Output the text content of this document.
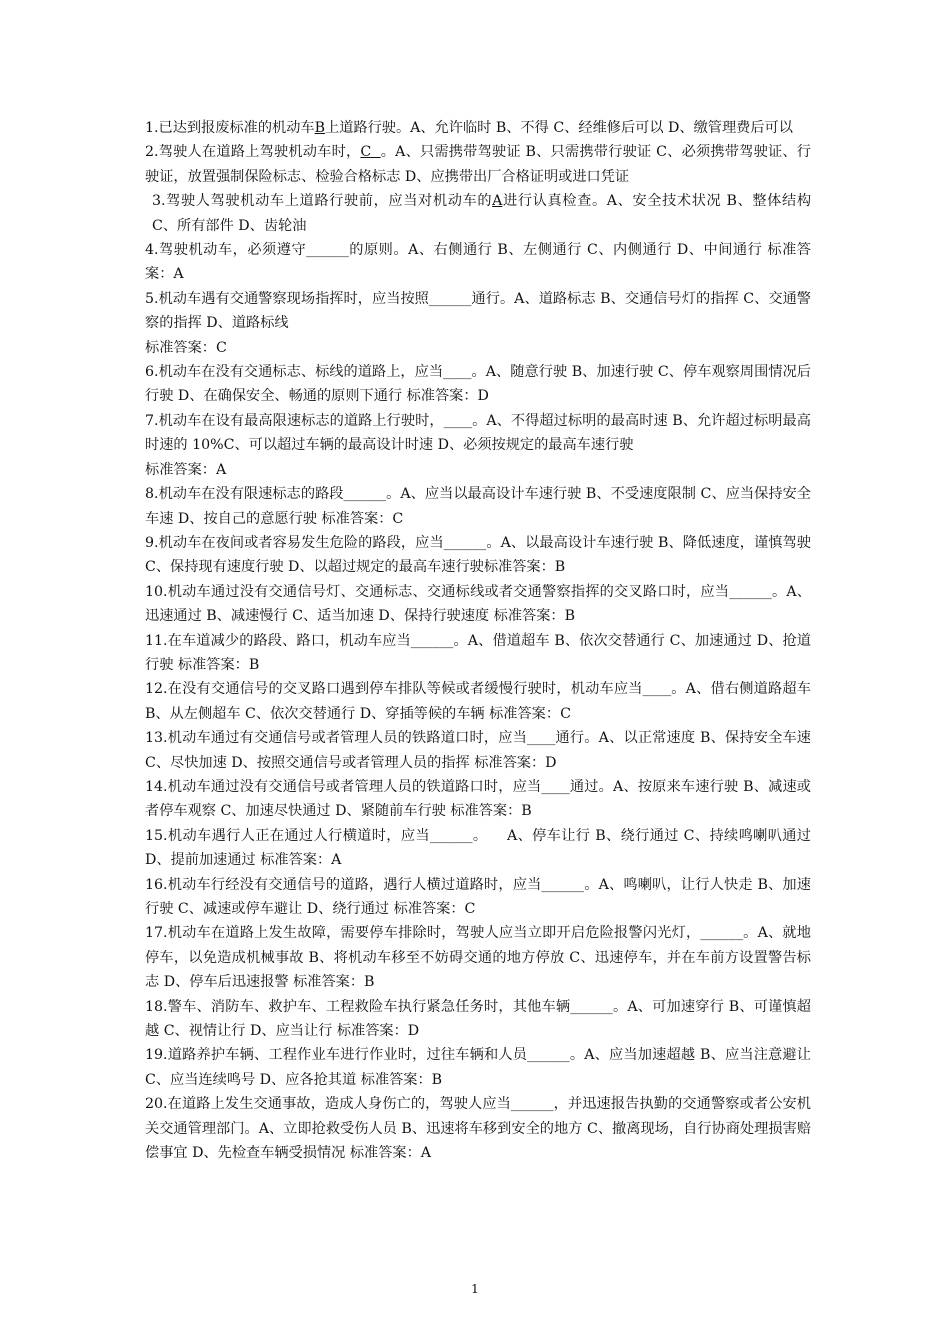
1.已达到报废标准的机动车B上道路行驶。A、允许临时 B、不得 C、经维修后可以 D、缴管理费后可以

2.驾驶人在道路上驾驶机动车时，C  。A、只需携带驾驶证 B、只需携带行驶证 C、必须携带驾驶证、行驶证，放置强制保险标志、检验合格标志 D、应携带出厂合格证明或进口凭证

3.驾驶人驾驶机动车上道路行驶前，应当对机动车的A进行认真检查。A、安全技术状况 B、整体结构 C、所有部件 D、齿轮油

4.驾驶机动车，必须遵守______的原则。A、右侧通行 B、左侧通行 C、内侧通行 D、中间通行 标准答案：A

5.机动车遇有交通警察现场指挥时，应当按照______通行。A、道路标志 B、交通信号灯的指挥 C、交通警察的指挥 D、道路标线

标准答案：C

6.机动车在没有交通标志、标线的道路上，应当____。A、随意行驶 B、加速行驶 C、停车观察周围情况后行驶 D、在确保安全、畅通的原则下通行 标准答案：D

7.机动车在设有最高限速标志的道路上行驶时，____。A、不得超过标明的最高时速 B、允许超过标明最高时速的 10%C、可以超过车辆的最高设计时速 D、必须按规定的最高车速行驶

标准答案：A

8.机动车在没有限速标志的路段______。A、应当以最高设计车速行驶 B、不受速度限制 C、应当保持安全车速 D、按自己的意愿行驶 标准答案：C

9.机动车在夜间或者容易发生危险的路段，应当______。A、以最高设计车速行驶 B、降低速度，谨慎驾驶 C、保持现有速度行驶 D、以超过规定的最高车速行驶标准答案：B

10.机动车通过没有交通信号灯、交通标志、交通标线或者交通警察指挥的交叉路口时，应当______。A、迅速通过 B、减速慢行 C、适当加速 D、保持行驶速度 标准答案：B

11.在车道减少的路段、路口，机动车应当______。A、借道超车 B、依次交替通行 C、加速通过 D、抢道行驶 标准答案：B

12.在没有交通信号的交叉路口遇到停车排队等候或者缓慢行驶时，机动车应当____。A、借右侧道路超车 B、从左侧超车 C、依次交替通行 D、穿插等候的车辆 标准答案：C

13.机动车通过有交通信号或者管理人员的铁路道口时，应当____通行。A、以正常速度 B、保持安全车速 C、尽快加速 D、按照交通信号或者管理人员的指挥 标准答案：D

14.机动车通过没有交通信号或者管理人员的铁道路口时，应当____通过。A、按原来车速行驶 B、减速或者停车观察 C、加速尽快通过 D、紧随前车行驶 标准答案：B

15.机动车遇行人正在通过人行横道时，应当______。    A、停车让行 B、绕行通过 C、持续鸣喇叭通过 D、提前加速通过 标准答案：A

16.机动车行经没有交通信号的道路，遇行人横过道路时，应当______。A、鸣喇叭，让行人快走 B、加速行驶 C、减速或停车避让 D、绕行通过 标准答案：C

17.机动车在道路上发生故障，需要停车排除时，驾驶人应当立即开启危险报警闪光灯，______。A、就地停车，以免造成机械事故 B、将机动车移至不妨碍交通的地方停放 C、迅速停车，并在车前方设置警告标志 D、停车后迅速报警 标准答案：B

18.警车、消防车、救护车、工程救险车执行紧急任务时，其他车辆______。A、可加速穿行 B、可谨慎超越 C、视情让行 D、应当让行 标准答案：D

19.道路养护车辆、工程作业车进行作业时，过往车辆和人员______。A、应当加速超越 B、应当注意避让 C、应当连续鸣号 D、应各抢其道 标准答案：B

20.在道路上发生交通事故，造成人身伤亡的，驾驶人应当______，并迅速报告执勤的交通警察或者公安机关交通管理部门。A、立即抢救受伤人员 B、迅速将车移到安全的地方 C、撤离现场，自行协商处理损害赔偿事宜 D、先检查车辆受损情况 标准答案：A

1
